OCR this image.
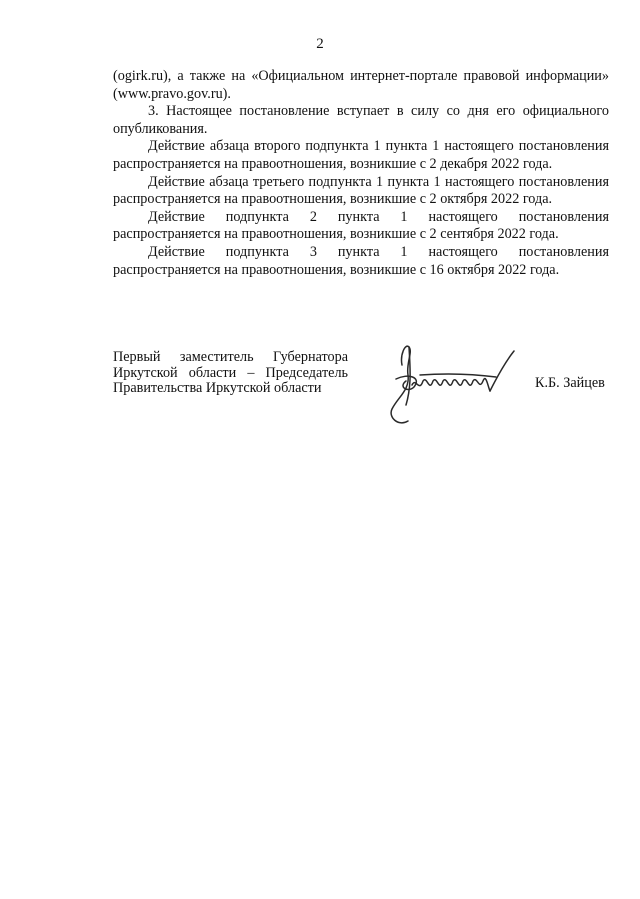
2

(ogirk.ru), а также на «Официальном интернет-портале правовой информации» (www.pravo.gov.ru).

3. Настоящее постановление вступает в силу со дня его официального опубликования.

Действие абзаца второго подпункта 1 пункта 1 настоящего постановления распространяется на правоотношения, возникшие с 2 декабря 2022 года.

Действие абзаца третьего подпункта 1 пункта 1 настоящего постановления распространяется на правоотношения, возникшие с 2 октября 2022 года.

Действие подпункта 2 пункта 1 настоящего постановления распространяется на правоотношения, возникшие с 2 сентября 2022 года.

Действие подпункта 3 пункта 1 настоящего постановления распространяется на правоотношения, возникшие с 16 октября 2022 года.

Первый заместитель Губернатора
Иркутской области – Председатель
Правительства Иркутской области	К.Б. Зайцев
